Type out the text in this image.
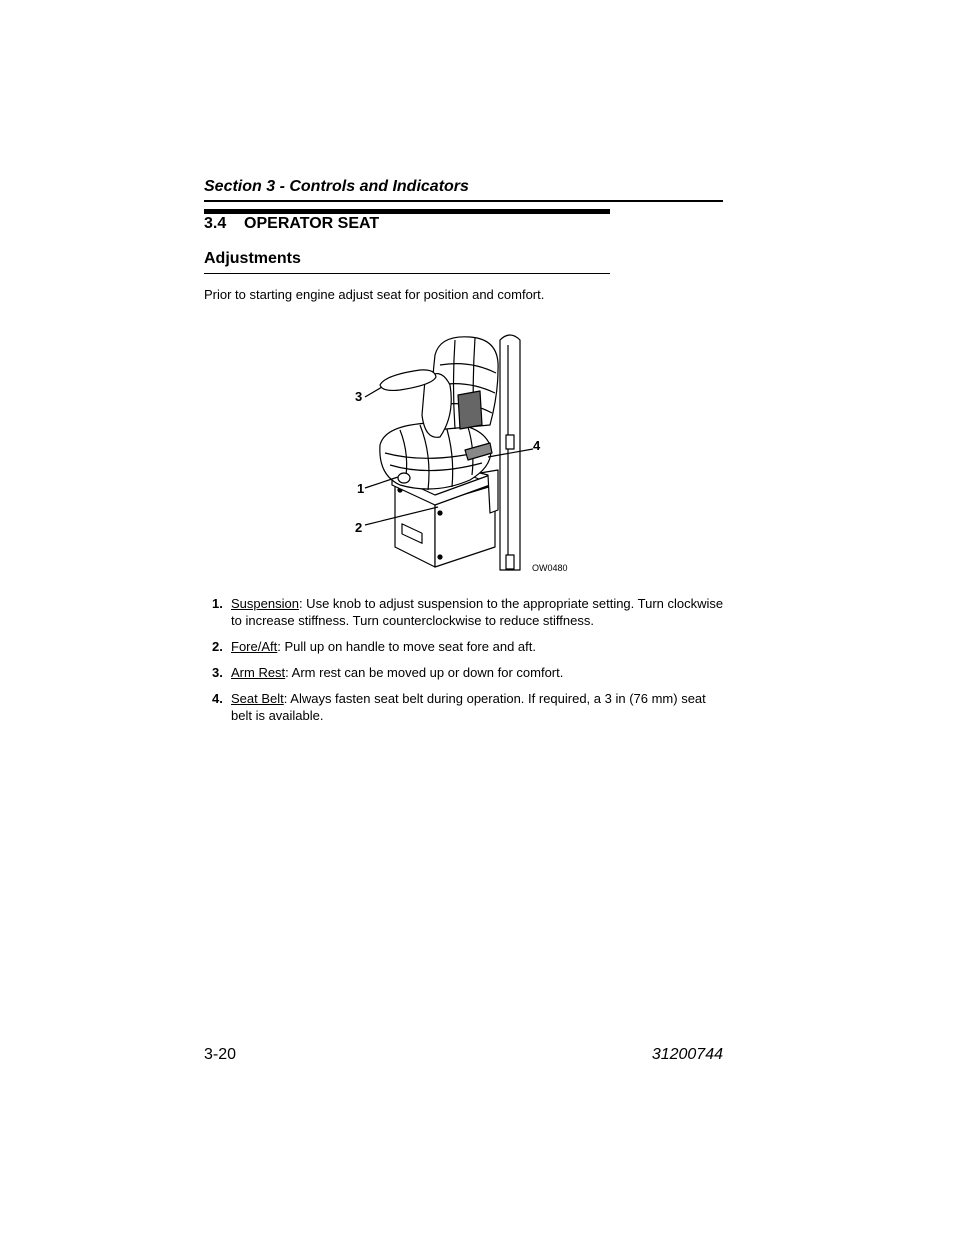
Section 3 - Controls and Indicators
3.4 OPERATOR SEAT
Adjustments
Prior to starting engine adjust seat for position and comfort.
3
1
2
4
OW0480
1. Suspension: Use knob to adjust suspension to the appropriate setting. Turn clockwise to increase stiffness. Turn counterclockwise to reduce stiffness.
2. Fore/Aft: Pull up on handle to move seat fore and aft.
3. Arm Rest: Arm rest can be moved up or down for comfort.
4. Seat Belt: Always fasten seat belt during operation. If required, a 3 in (76 mm) seat belt is available.
3-20	31200744
